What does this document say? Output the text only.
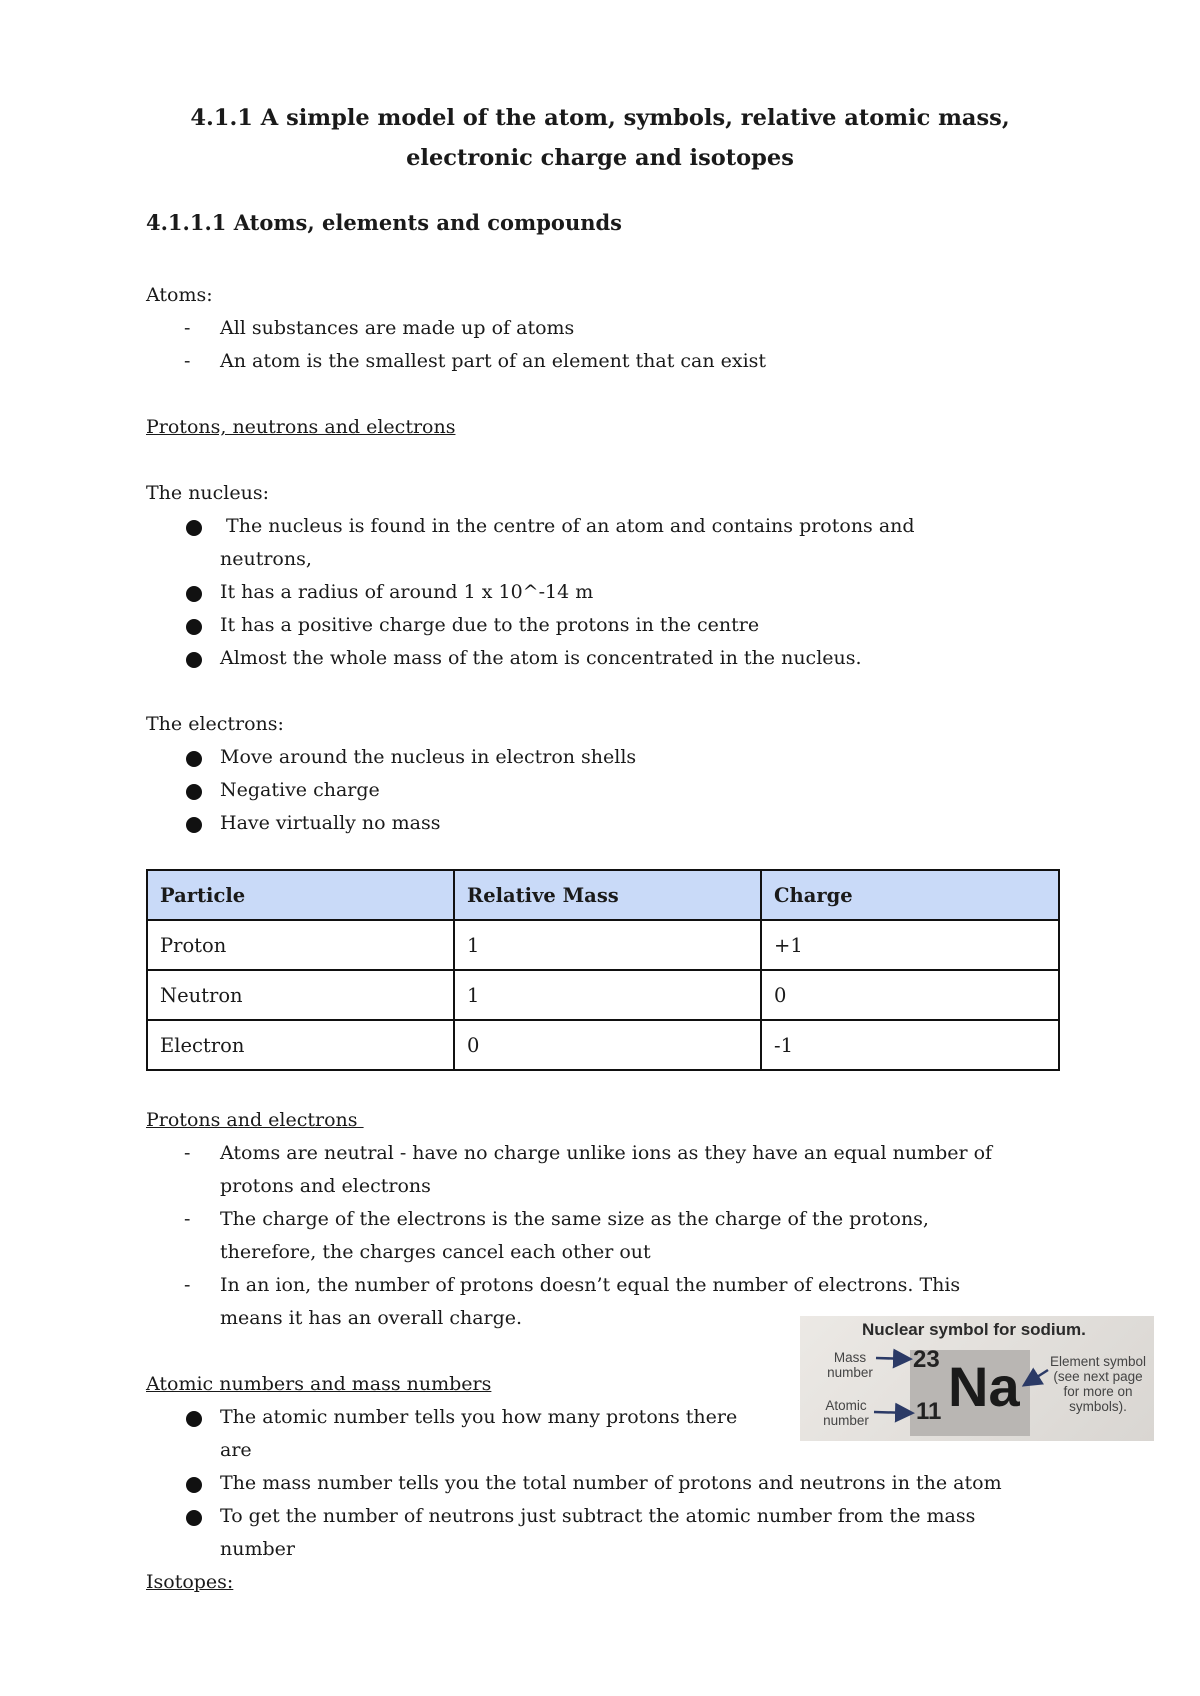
4.1.1 A simple model of the atom, symbols, relative atomic mass,
electronic charge and isotopes
4.1.1.1 Atoms, elements and compounds
Atoms:
- All substances are made up of atoms
- An atom is the smallest part of an element that can exist
Protons, neutrons and electrons
The nucleus:
The nucleus is found in the centre of an atom and contains protons and
neutrons,
It has a radius of around 1 x 10^-14 m
It has a positive charge due to the protons in the centre
Almost the whole mass of the atom is concentrated in the nucleus.
The electrons:
Move around the nucleus in electron shells
Negative charge
Have virtually no mass
Particle	Relative Mass	Charge
Proton	1	+1
Neutron	1	0
Electron	0	-1
Protons and electrons
- Atoms are neutral - have no charge unlike ions as they have an equal number of
protons and electrons
- The charge of the electrons is the same size as the charge of the protons,
therefore, the charges cancel each other out
- In an ion, the number of protons doesn’t equal the number of electrons. This
means it has an overall charge.
Atomic numbers and mass numbers
The atomic number tells you how many protons there
are
The mass number tells you the total number of protons and neutrons in the atom
To get the number of neutrons just subtract the atomic number from the mass
number
Isotopes:
Nuclear symbol for sodium.
23
11 Na
Mass
number
Atomic
number
Element symbol
(see next page
for more on
symbols).
